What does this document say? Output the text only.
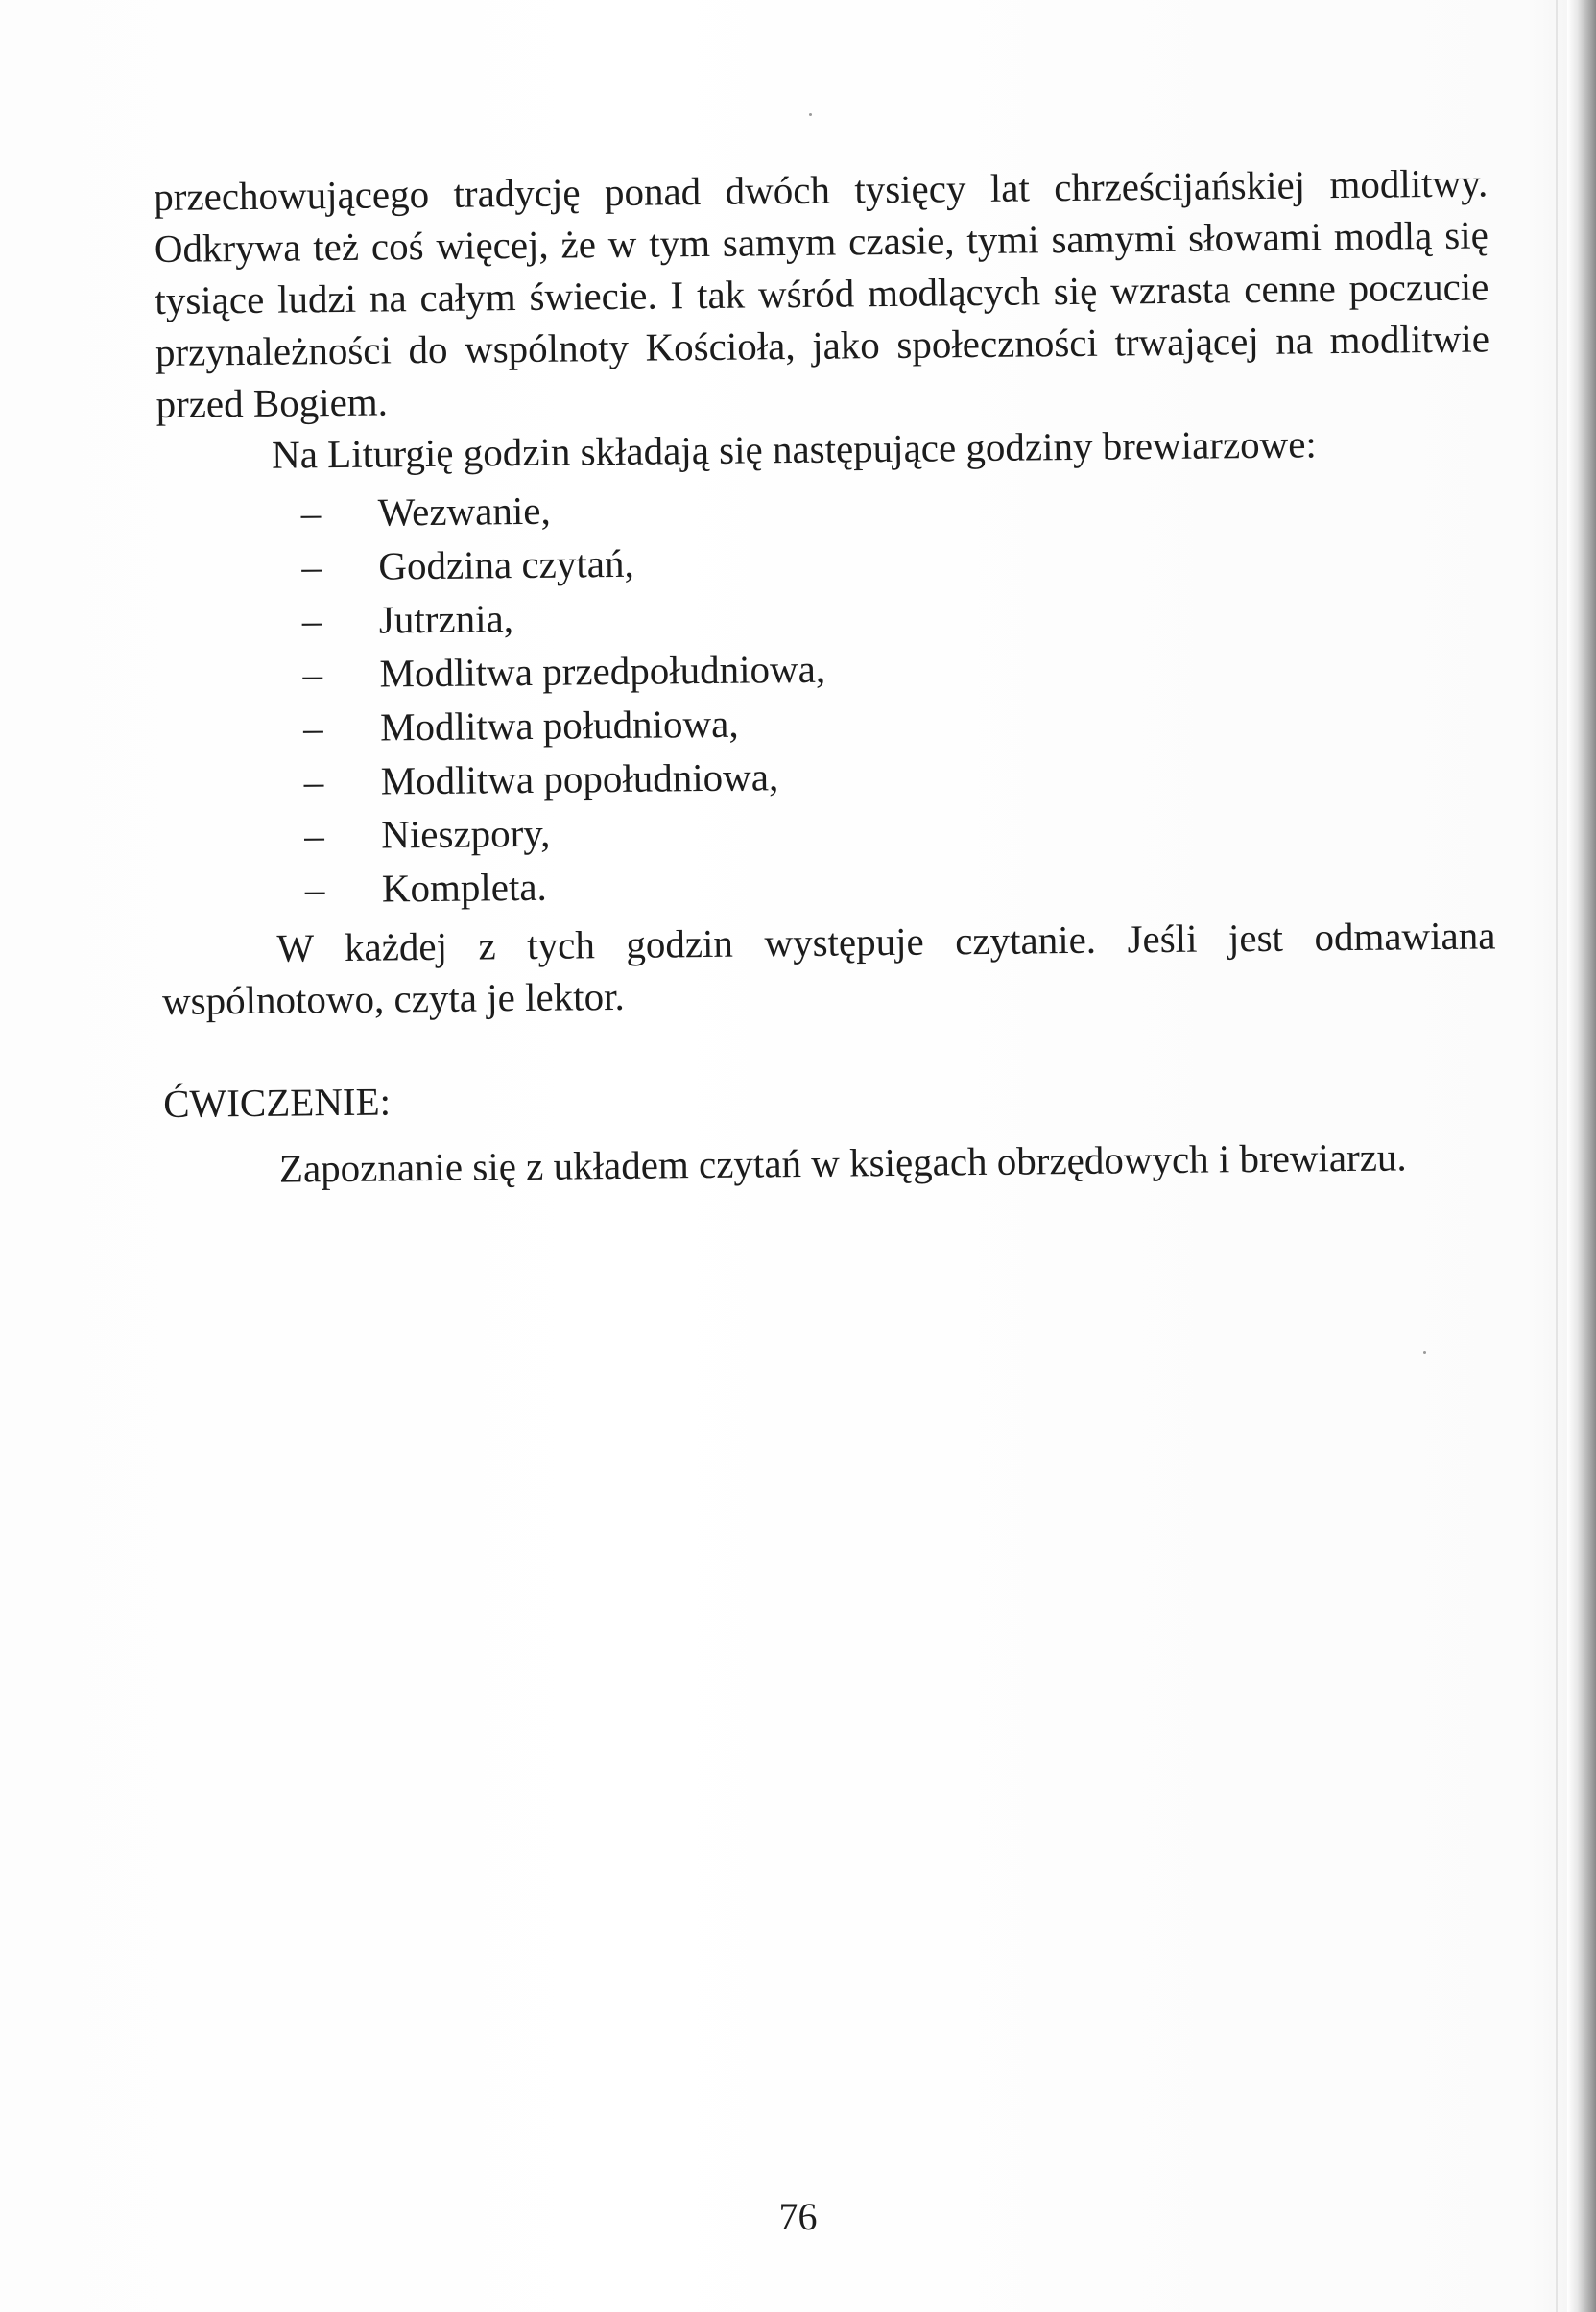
przechowującego tradycję ponad dwóch tysięcy lat chrześcijańskiej modlitwy. Odkrywa też coś więcej, że w tym samym czasie, tymi samymi słowami modlą się tysiące ludzi na całym świecie. I tak wśród modlących się wzrasta cenne poczucie przynależności do wspólnoty Kościoła, jako społeczności trwającej na modlitwie przed Bogiem.

Na Liturgię godzin składają się następujące godziny brewiarzowe:

– Wezwanie,
– Godzina czytań,
– Jutrznia,
– Modlitwa przedpołudniowa,
– Modlitwa południowa,
– Modlitwa popołudniowa,
– Nieszpory,
– Kompleta.

W każdej z tych godzin występuje czytanie. Jeśli jest odmawiana wspólnotowo, czyta je lektor.

ĆWICZENIE:

Zapoznanie się z układem czytań w księgach obrzędowych i brewiarzu.

76
